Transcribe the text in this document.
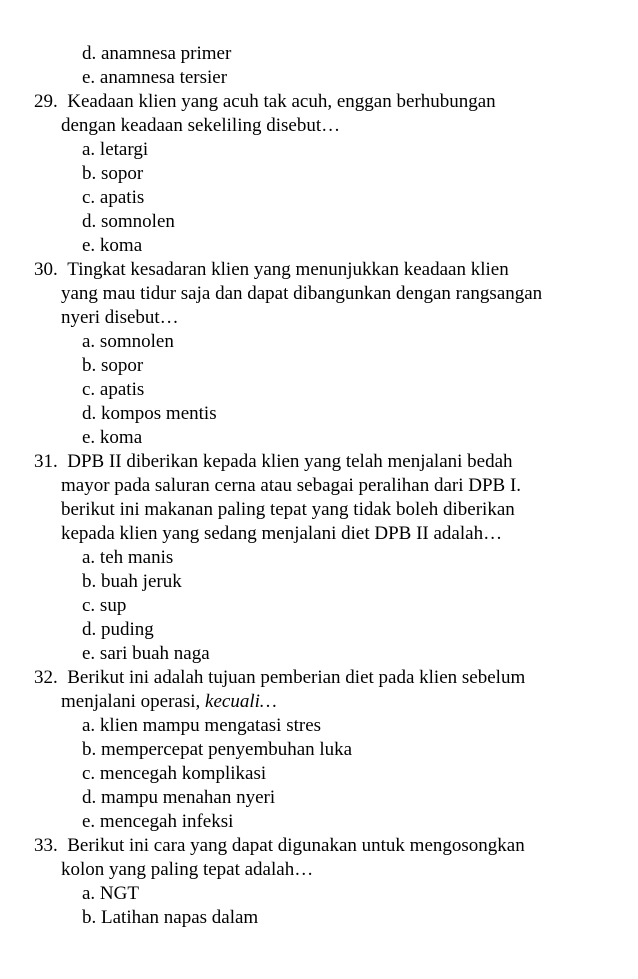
d. anamnesa primer
e. anamnesa tersier
29. Keadaan klien yang acuh tak acuh, enggan berhubungan
dengan keadaan sekeliling disebut…
a. letargi
b. sopor
c. apatis
d. somnolen
e. koma
30. Tingkat kesadaran klien yang menunjukkan keadaan klien
yang mau tidur saja dan dapat dibangunkan dengan rangsangan
nyeri disebut…
a. somnolen
b. sopor
c. apatis
d. kompos mentis
e. koma
31. DPB II diberikan kepada klien yang telah menjalani bedah
mayor pada saluran cerna atau sebagai peralihan dari DPB I.
berikut ini makanan paling tepat yang tidak boleh diberikan
kepada klien yang sedang menjalani diet DPB II adalah…
a. teh manis
b. buah jeruk
c. sup
d. puding
e. sari buah naga
32. Berikut ini adalah tujuan pemberian diet pada klien sebelum
menjalani operasi, kecuali…
a. klien mampu mengatasi stres
b. mempercepat penyembuhan luka
c. mencegah komplikasi
d. mampu menahan nyeri
e. mencegah infeksi
33. Berikut ini cara yang dapat digunakan untuk mengosongkan
kolon yang paling tepat adalah…
a. NGT
b. Latihan napas dalam
